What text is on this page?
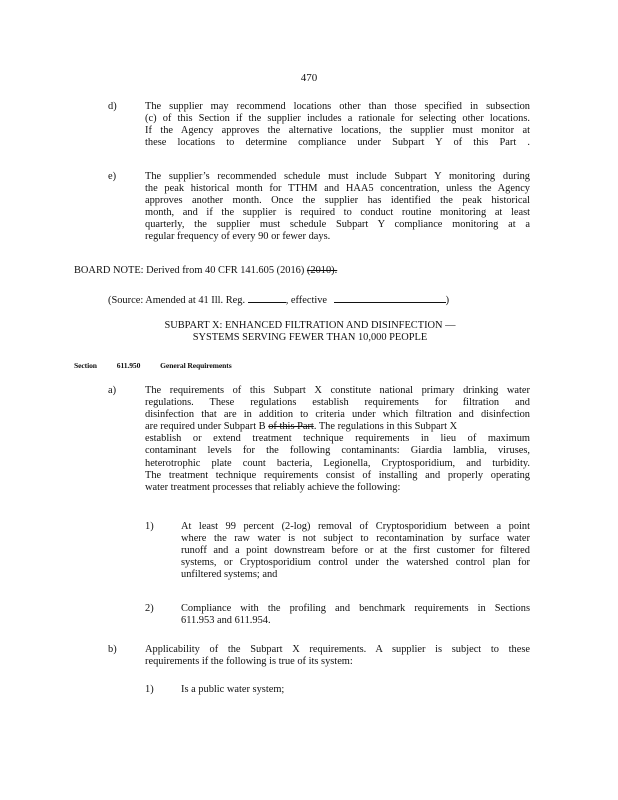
470
d)	The supplier may recommend locations other than those specified in subsection
(c) of this Section if the supplier includes a rationale for selecting other locations.
If the Agency approves the alternative locations, the supplier must monitor at
these locations to determine compliance under Subpart Y of this Part .
e)	The supplier’s recommended schedule must include Subpart Y monitoring during
the peak historical month for TTHM and HAA5 concentration, unless the Agency
approves another month. Once the supplier has identified the peak historical
month, and if the supplier is required to conduct routine monitoring at least
quarterly, the supplier must schedule Subpart Y compliance monitoring at a
regular frequency of every 90 or fewer days.
BOARD NOTE: Derived from 40 CFR 141.605 (2016) (2010).
(Source: Amended at 41 Ill. Reg.	, effective	)
SUBPART X: ENHANCED FILTRATION AND DISINFECTION —
SYSTEMS SERVING FEWER THAN 10,000 PEOPLE
Section	611.950	General Requirements
a)	The requirements of this Subpart X constitute national primary drinking water
regulations. These regulations establish requirements for filtration and
disinfection that are in addition to criteria under which filtration and disinfection
are required under Subpart B of this Part. The regulations in this Subpart X
establish or extend treatment technique requirements in lieu of maximum
contaminant levels for the following contaminants: Giardia lamblia, viruses,
heterotrophic plate count bacteria, Legionella, Cryptosporidium, and turbidity.
The treatment technique requirements consist of installing and properly operating
water treatment processes that reliably achieve the following:
1)	At least 99 percent (2-log) removal of Cryptosporidium between a point
where the raw water is not subject to recontamination by surface water
runoff and a point downstream before or at the first customer for filtered
systems, or Cryptosporidium control under the watershed control plan for
unfiltered systems; and
2)	Compliance with the profiling and benchmark requirements in Sections
611.953 and 611.954.
b)	Applicability of the Subpart X requirements. A supplier is subject to these
requirements if the following is true of its system:
1)	Is a public water system;
